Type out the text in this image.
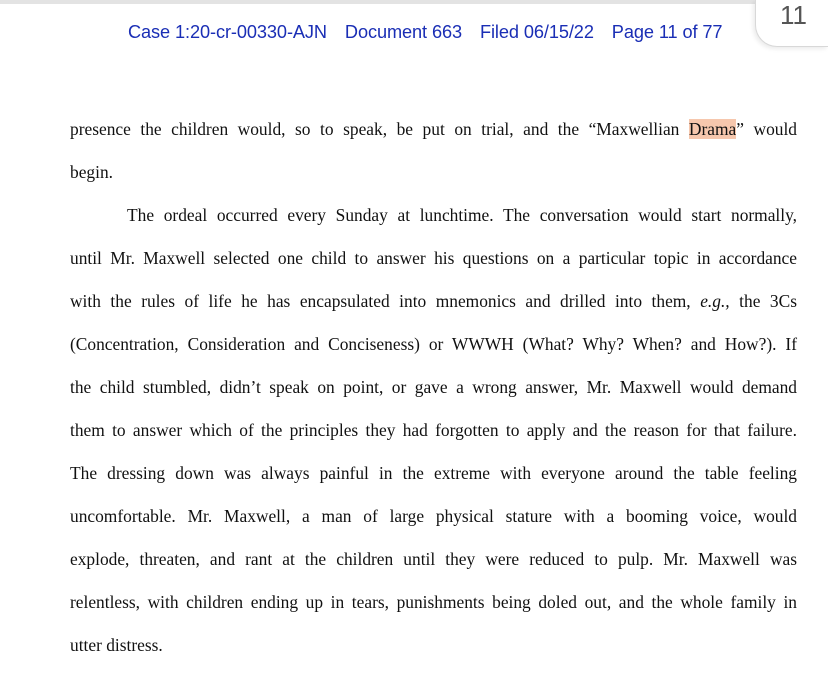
Case 1:20-cr-00330-AJN Document 663 Filed 06/15/22 Page 11 of 77
11
presence the children would, so to speak, be put on trial, and the “Maxwellian Drama” would
begin.
The ordeal occurred every Sunday at lunchtime. The conversation would start normally,
until Mr. Maxwell selected one child to answer his questions on a particular topic in accordance
with the rules of life he has encapsulated into mnemonics and drilled into them, e.g., the 3Cs
(Concentration, Consideration and Conciseness) or WWWH (What? Why? When? and How?). If
the child stumbled, didn’t speak on point, or gave a wrong answer, Mr. Maxwell would demand
them to answer which of the principles they had forgotten to apply and the reason for that failure.
The dressing down was always painful in the extreme with everyone around the table feeling
uncomfortable. Mr. Maxwell, a man of large physical stature with a booming voice, would
explode, threaten, and rant at the children until they were reduced to pulp. Mr. Maxwell was
relentless, with children ending up in tears, punishments being doled out, and the whole family in
utter distress.
